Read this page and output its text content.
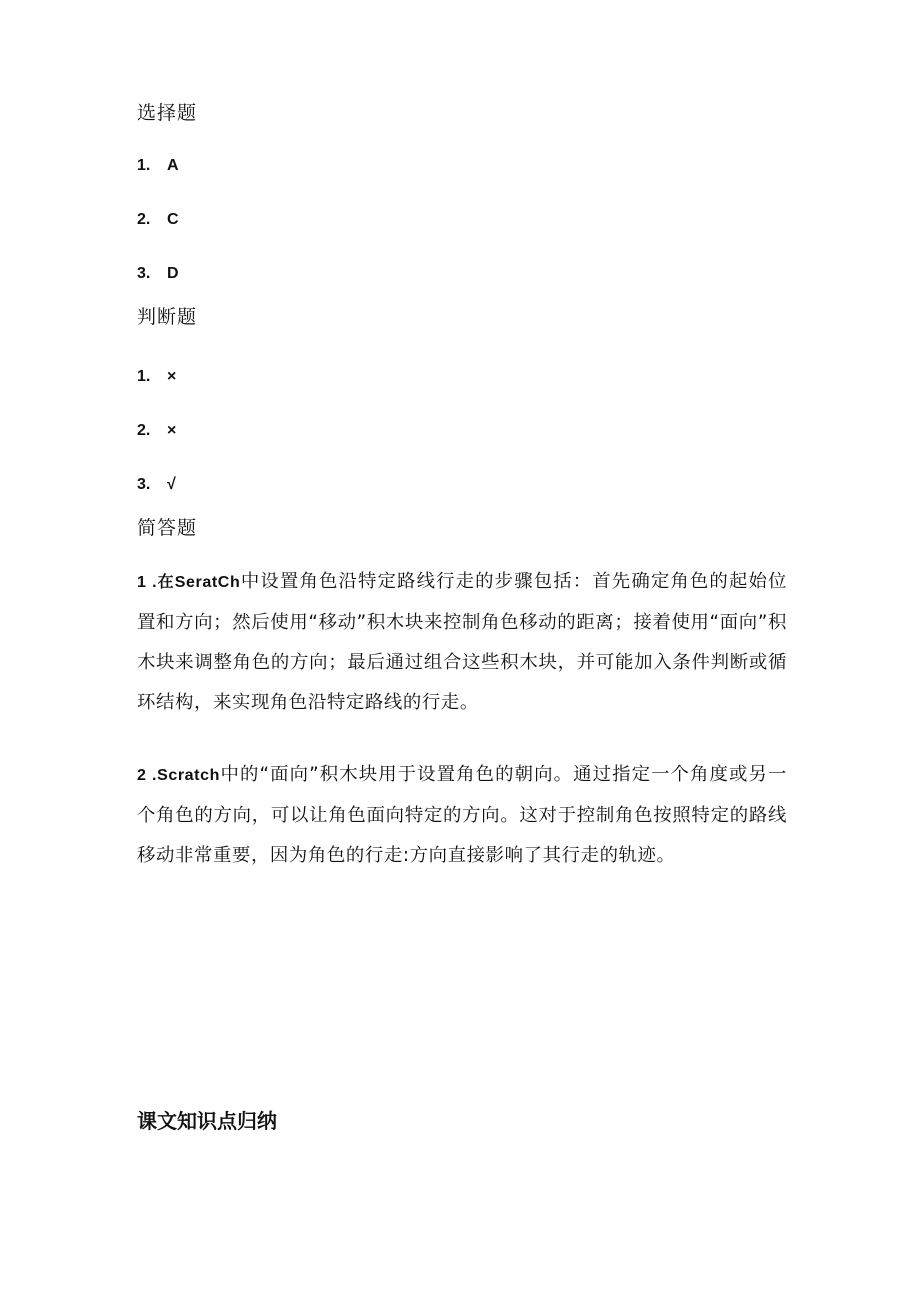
选择题
1. A
2. C
3. D
判断题
1. ×
2. ×
3. √
简答题
1 .在SeratCh中设置角色沿特定路线行走的步骤包括：首先确定角色的起始位置和方向；然后使用“移动”积木块来控制角色移动的距离；接着使用“面向”积木块来调整角色的方向；最后通过组合这些积木块，并可能加入条件判断或循环结构，来实现角色沿特定路线的行走。
2 .Scratch中的“面向”积木块用于设置角色的朝向。通过指定一个角度或另一个角色的方向，可以让角色面向特定的方向。这对于控制角色按照特定的路线移动非常重要，因为角色的行走:方向直接影响了其行走的轨迹。
课文知识点归纳
